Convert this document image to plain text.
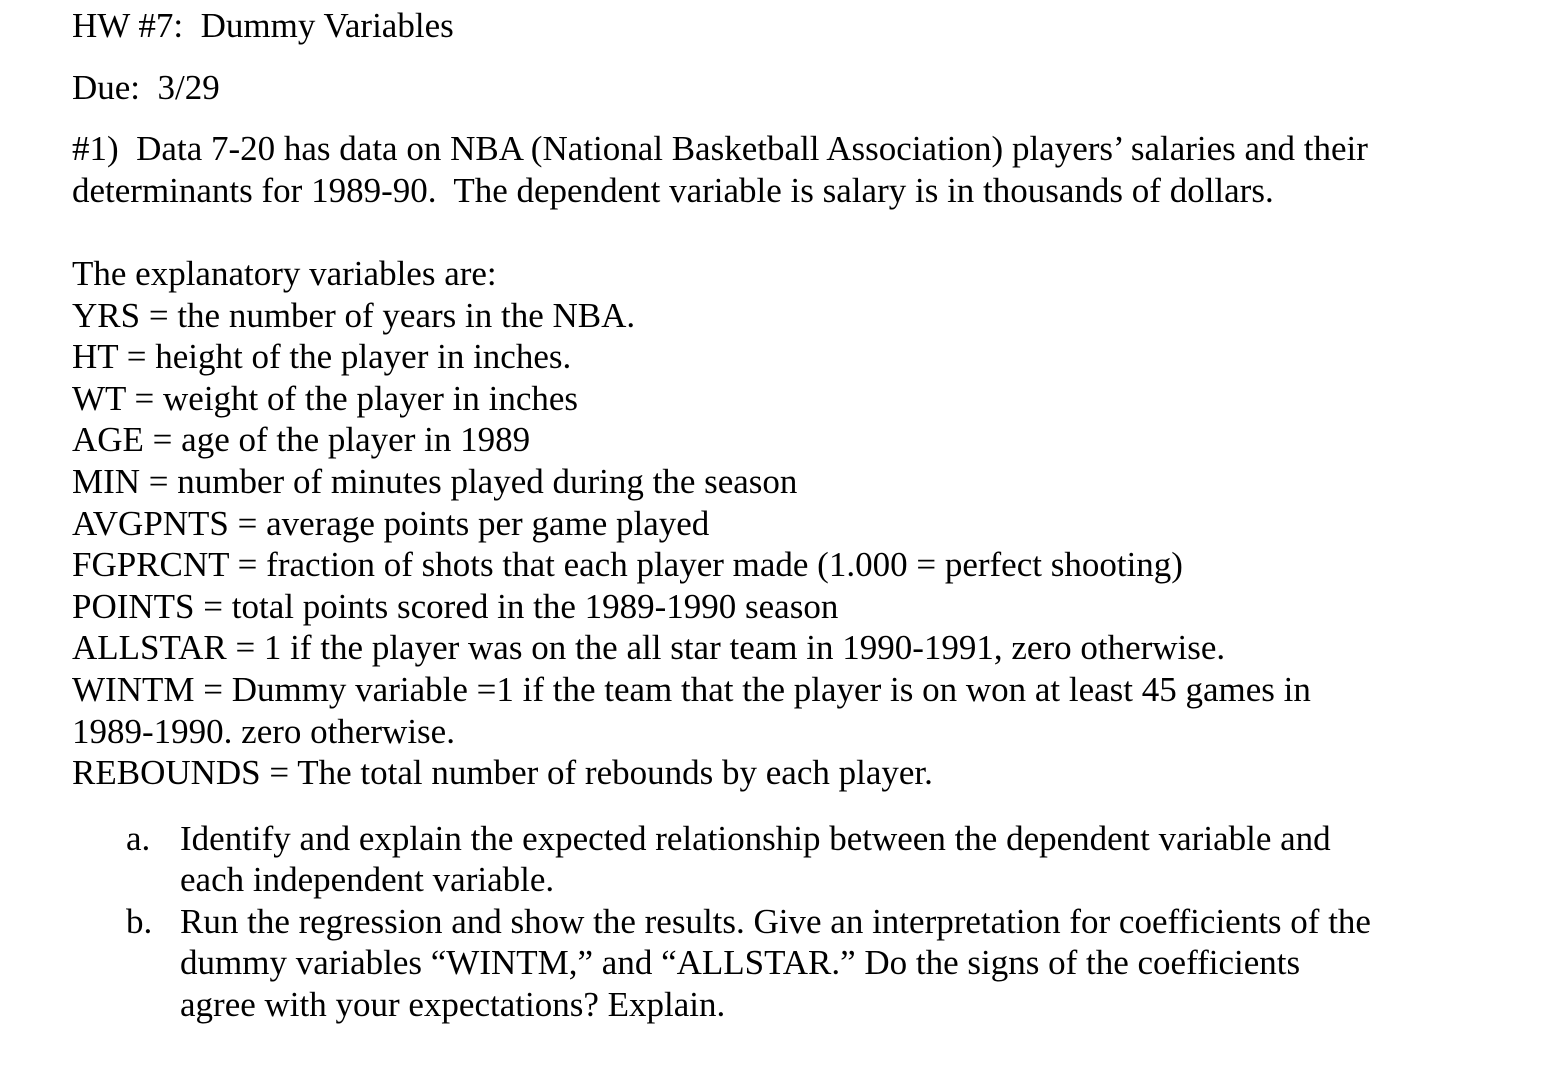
HW #7:  Dummy Variables
Due:  3/29
#1)  Data 7-20 has data on NBA (National Basketball Association) players’ salaries and their determinants for 1989-90.  The dependent variable is salary is in thousands of dollars.
The explanatory variables are:
YRS = the number of years in the NBA.
HT = height of the player in inches.
WT = weight of the player in inches
AGE = age of the player in 1989
MIN = number of minutes played during the season
AVGPNTS = average points per game played
FGPRCNT = fraction of shots that each player made (1.000 = perfect shooting)
POINTS = total points scored in the 1989-1990 season
ALLSTAR = 1 if the player was on the all star team in 1990-1991, zero otherwise.
WINTM = Dummy variable =1 if the team that the player is on won at least 45 games in 1989-1990. zero otherwise.
REBOUNDS = The total number of rebounds by each player.
a. Identify and explain the expected relationship between the dependent variable and each independent variable.
b. Run the regression and show the results. Give an interpretation for coefficients of the dummy variables “WINTM,” and “ALLSTAR.” Do the signs of the coefficients agree with your expectations? Explain.
